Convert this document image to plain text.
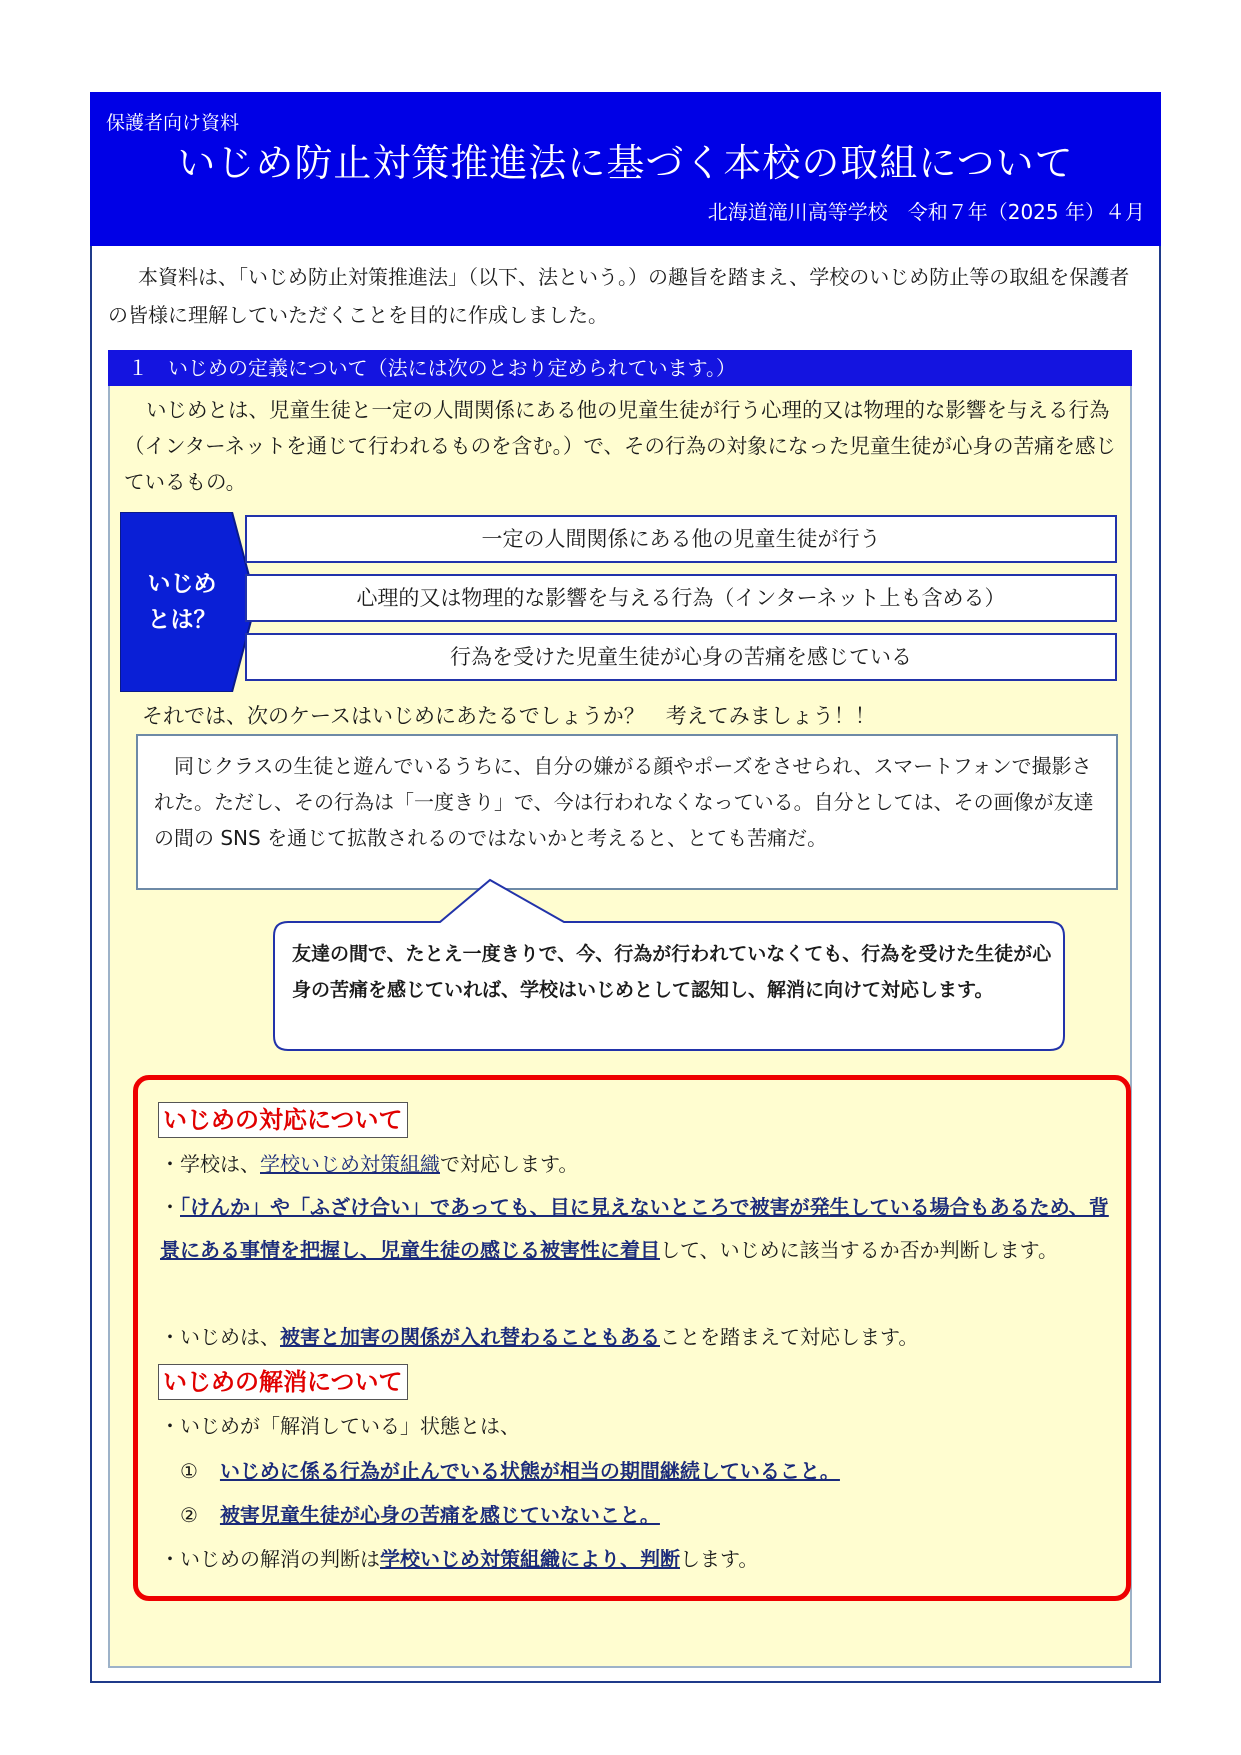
保護者向け資料
いじめ防止対策推進法に基づく本校の取組について
北海道滝川高等学校　令和７年（2025 年）４月
本資料は、「いじめ防止対策推進法」（以下、法という。）の趣旨を踏まえ、学校のいじめ防止等の取組を保護者の皆様に理解していただくことを目的に作成しました。
１　いじめの定義について（法には次のとおり定められています。）
いじめとは、児童生徒と一定の人間関係にある他の児童生徒が行う心理的又は物理的な影響を与える行為（インターネットを通じて行われるものを含む。）で、その行為の対象になった児童生徒が心身の苦痛を感じているもの。
いじめ
とは？
一定の人間関係にある他の児童生徒が行う
心理的又は物理的な影響を与える行為（インターネット上も含める）
行為を受けた児童生徒が心身の苦痛を感じている
それでは、次のケースはいじめにあたるでしょうか？　考えてみましょう！！
同じクラスの生徒と遊んでいるうちに、自分の嫌がる顔やポーズをさせられ、スマートフォンで撮影された。ただし、その行為は「一度きり」で、今は行われなくなっている。自分としては、その画像が友達の間の SNS を通じて拡散されるのではないかと考えると、とても苦痛だ。
友達の間で、たとえ一度きりで、今、行為が行われていなくても、行為を受けた生徒が心身の苦痛を感じていれば、学校はいじめとして認知し、解消に向けて対応します。
いじめの対応について
・学校は、学校いじめ対策組織で対応します。
・「けんか」や「ふざけ合い」であっても、目に見えないところで被害が発生している場合もあるため、背景にある事情を把握し、児童生徒の感じる被害性に着目して、いじめに該当するか否か判断します。
・いじめは、被害と加害の関係が入れ替わることもあることを踏まえて対応します。
いじめの解消について
・いじめが「解消している」状態とは、
① いじめに係る行為が止んでいる状態が相当の期間継続していること。
② 被害児童生徒が心身の苦痛を感じていないこと。
・いじめの解消の判断は学校いじめ対策組織により、判断します。
